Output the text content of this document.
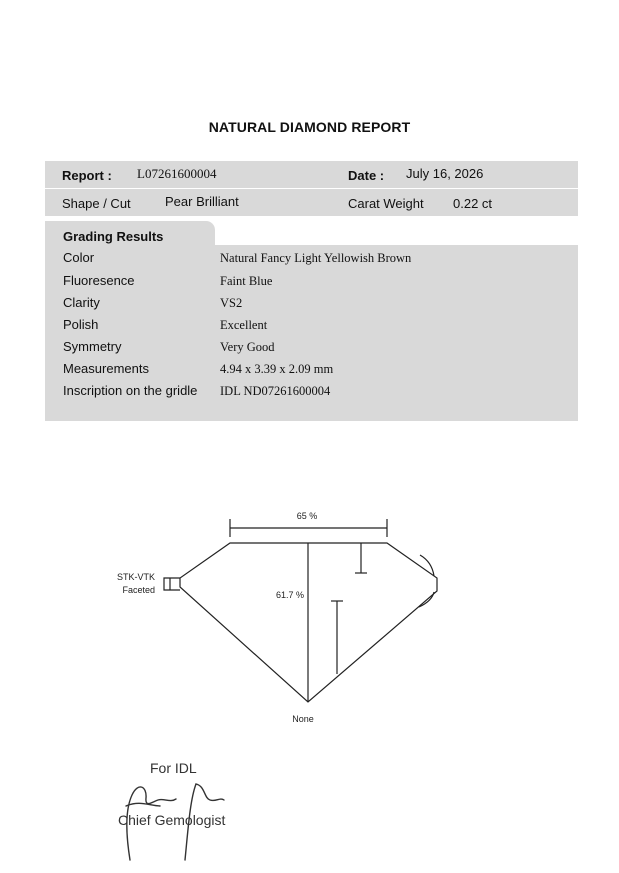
NATURAL DIAMOND REPORT
Report : L07261600004	Date : July 16, 2026
Shape / Cut	Pear Brilliant	Carat Weight 0.22 ct
Grading Results
Color	Natural Fancy Light Yellowish Brown
Fluoresence	Faint Blue
Clarity	VS2
Polish	Excellent
Symmetry	Very Good
Measurements	4.94 x 3.39 x 2.09 mm
Inscription on the gridle	IDL ND07261600004
65 %
61.7 %
STK-VTK
Faceted
None
For IDL
Chief Gemologist
